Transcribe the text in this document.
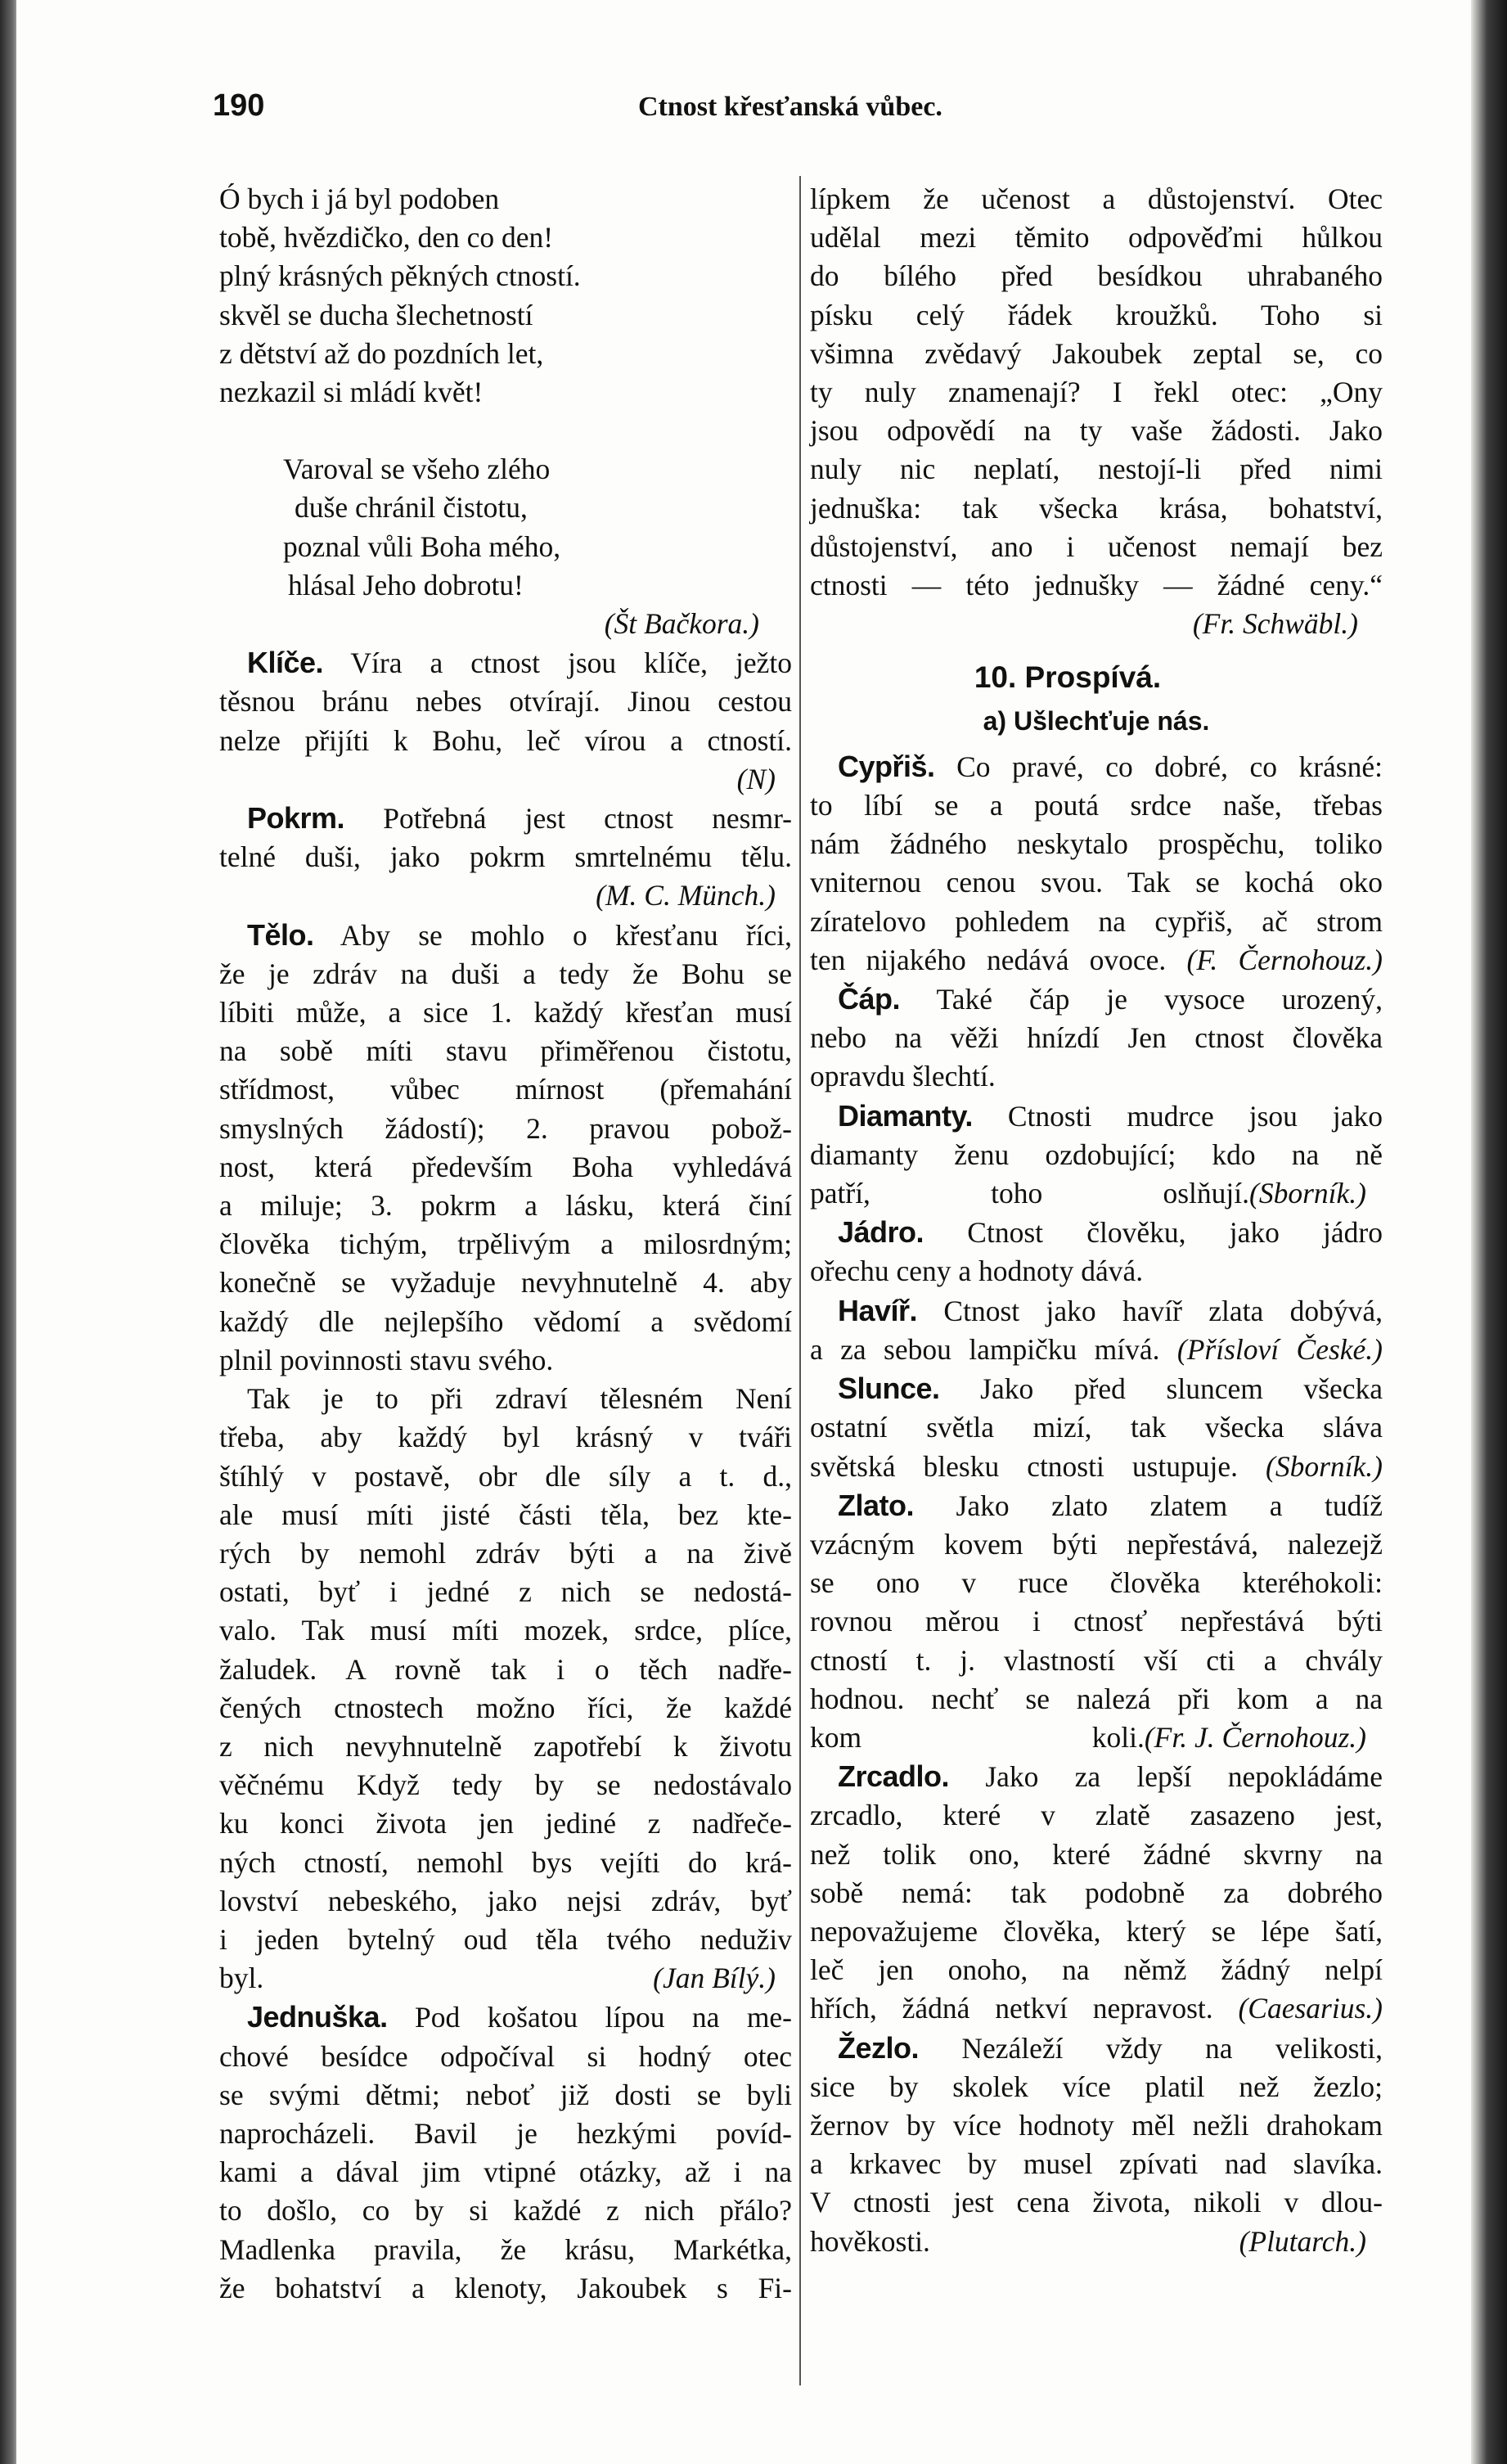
190	Ctnost křesťanská vůbec.
Ó bych i já byl podoben
tobě, hvězdičko, den co den!
plný krásných pěkných ctností.
skvěl se ducha šlechetností
z dětství až do pozdních let,
nezkazil si mládí květ!
Varoval se všeho zlého
duše chránil čistotu,
poznal vůli Boha mého,
hlásal Jeho dobrotu!

(Št Bačkora.)

Klíče. Víra a ctnost jsou klíče, ježto

těsnou bránu nebes otvírají. Jinou cestou

nelze přijíti k Bohu, leč vírou a ctností.

(N)

Pokrm. Potřebná jest ctnost nesmr-

telné duši, jako pokrm smrtelnému tělu.

(M. C. Münch.)

Tělo. Aby se mohlo o křesťanu říci,

že je zdráv na duši a tedy že Bohu se

líbiti může, a sice 1. každý křesťan musí

na sobě míti stavu přiměřenou čistotu,

střídmost, vůbec mírnost (přemahání

smyslných žádostí); 2. pravou pobož-

nost, která především Boha vyhledává

a miluje; 3. pokrm a lásku, která činí

člověka tichým, trpělivým a milosrdným;

konečně se vyžaduje nevyhnutelně 4. aby

každý dle nejlepšího vědomí a svědomí

plnil povinnosti stavu svého.

Tak je to při zdraví tělesném Není

třeba, aby každý byl krásný v tváři

štíhlý v postavě, obr dle síly a t. d.,

ale musí míti jisté části těla, bez kte-

rých by nemohl zdráv býti a na živě

ostati, byť i jedné z nich se nedostá-

valo. Tak musí míti mozek, srdce, plíce,

žaludek. A rovně tak i o těch nadře-

čených ctnostech možno říci, že každé

z nich nevyhnutelně zapotřebí k životu

věčnému Když tedy by se nedostávalo

ku konci života jen jediné z nadřeče-

ných ctností, nemohl bys vejíti do krá-

lovství nebeského, jako nejsi zdráv, byť

i jeden bytelný oud těla tvého neduživ

byl.	(Jan Bílý.)

Jednuška. Pod košatou lípou na me-

chové besídce odpočíval si hodný otec

se svými dětmi; neboť již dosti se byli

naprocházeli. Bavil je hezkými povíd-

kami a dával jim vtipné otázky, až i na

to došlo, co by si každé z nich přálo?

Madlenka pravila, že krásu, Markétka,

že bohatství a klenoty, Jakoubek s Fi-

lípkem že učenost a důstojenství. Otec

udělal mezi těmito odpověďmi hůlkou

do bílého před besídkou uhrabaného

písku celý řádek kroužků. Toho si

všimna zvědavý Jakoubek zeptal se, co

ty nuly znamenají? I řekl otec: „Ony

jsou odpovědí na ty vaše žádosti. Jako

nuly nic neplatí, nestojí-li před nimi

jednuška: tak všecka krása, bohatství,

důstojenství, ano i učenost nemají bez

ctnosti — této jednušky — žádné ceny.“

(Fr. Schwäbl.)

10. Prospívá.

a) Ušlechťuje nás.

Cypřiš. Co pravé, co dobré, co krásné:

to líbí se a poutá srdce naše, třebas

nám žádného neskytalo prospěchu, toliko

vniternou cenou svou. Tak se kochá oko

zíratelovo pohledem na cypřiš, ač strom

ten nijakého nedává ovoce. (F. Černohouz.)

Čáp. Také čáp je vysoce urozený,

nebo na věži hnízdí Jen ctnost člověka

opravdu šlechtí.

Diamanty. Ctnosti mudrce jsou jako

diamanty ženu ozdobující; kdo na ně

patří, toho oslňují. (Sborník.)

Jádro. Ctnost člověku, jako jádro

ořechu ceny a hodnoty dává.

Havíř. Ctnost jako havíř zlata dobývá,

a za sebou lampičku mívá. (Přísloví České.)

Slunce. Jako před sluncem všecka

ostatní světla mizí, tak všecka sláva

světská blesku ctnosti ustupuje. (Sborník.)

Zlato. Jako zlato zlatem a tudíž

vzácným kovem býti nepřestává, nalezejž

se ono v ruce člověka kteréhokoli:

rovnou měrou i ctnosť nepřestává býti

ctností t. j. vlastností vší cti a chvály

hodnou. nechť se nalezá při kom a na

kom koli. (Fr. J. Černohouz.)

Zrcadlo. Jako za lepší nepokládáme

zrcadlo, které v zlatě zasazeno jest,

než tolik ono, které žádné skvrny na

sobě nemá: tak podobně za dobrého

nepovažujeme člověka, který se lépe šatí,

leč jen onoho, na němž žádný nelpí

hřích, žádná netkví nepravost. (Caesarius.)

Žezlo. Nezáleží vždy na velikosti,

sice by skolek více platil než žezlo;

žernov by více hodnoty měl nežli drahokam

a krkavec by musel zpívati nad slavíka.

V ctnosti jest cena života, nikoli v dlou-

hověkosti.	(Plutarch.)
